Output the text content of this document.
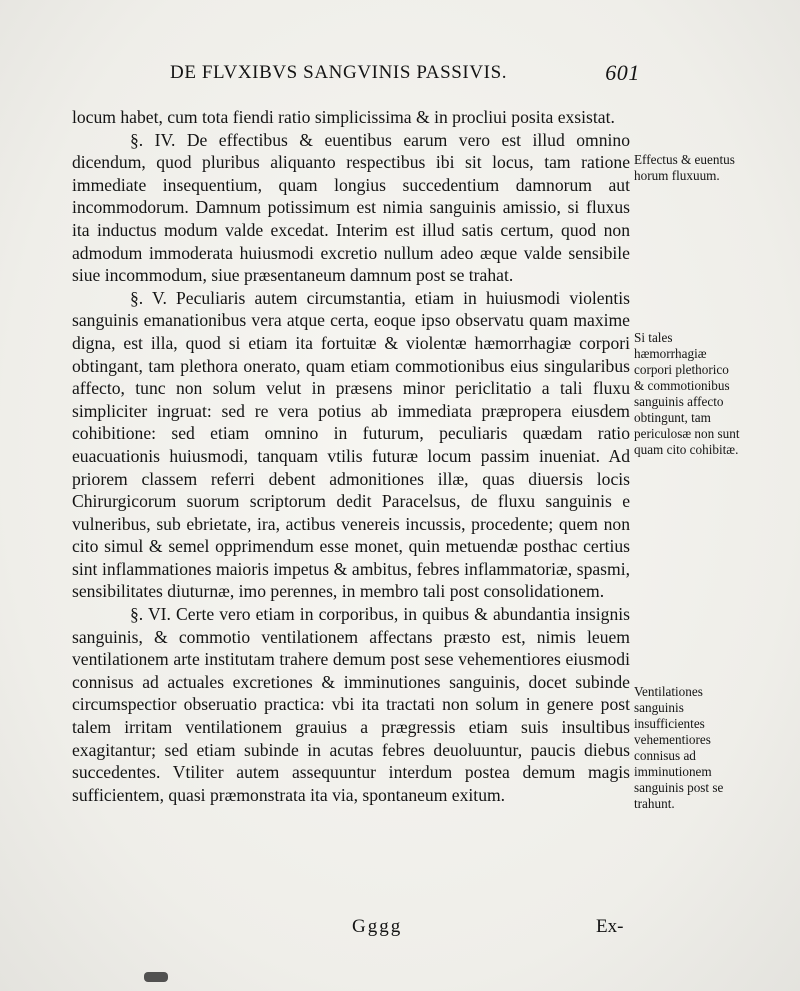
DE FLVXIBVS SANGVINIS PASSIVIS.	601

locum habet, cum tota fiendi ratio simplicissima & in procliui posita exsistat.

§. IV. De effectibus & euentibus earum vero est illud omnino dicendum, quod pluribus aliquanto respectibus ibi sit locus, tam ratione immediate insequentium, quam longius succedentium damnorum aut incommodorum. Damnum potissimum est nimia sanguinis amissio, si fluxus ita inductus modum valde excedat. Interim est illud satis certum, quod non admodum immoderata huiusmodi excretio nullum adeo æque valde sensibile siue incommodum, siue præsentaneum damnum post se trahat.

§. V. Peculiaris autem circumstantia, etiam in huiusmodi violentis sanguinis emanationibus vera atque certa, eoque ipso observatu quam maxime digna, est illa, quod si etiam ita fortuitæ & violentæ hæmorrhagiæ corpori obtingant, tam plethora onerato, quam etiam commotionibus eius singularibus affecto, tunc non solum velut in præsens minor periclitatio a tali fluxu simpliciter ingruat: sed re vera potius ab immediata præpropera eiusdem cohibitione: sed etiam omnino in futurum, peculiaris quædam ratio euacuationis huiusmodi, tanquam vtilis futuræ locum passim inueniat. Ad priorem classem referri debent admonitiones illæ, quas diuersis locis Chirurgicorum suorum scriptorum dedit Paracelsus, de fluxu sanguinis e vulneribus, sub ebrietate, ira, actibus venereis incussis, procedente; quem non cito simul & semel opprimendum esse monet, quin metuendæ posthac certius sint inflammationes maioris impetus & ambitus, febres inflammatoriæ, spasmi, sensibilitates diuturnæ, imo perennes, in membro tali post consolidationem.

§. VI. Certe vero etiam in corporibus, in quibus & abundantia insignis sanguinis, & commotio ventilationem affectans præsto est, nimis leuem ventilationem arte institutam trahere demum post sese vehementiores eiusmodi connisus ad actuales excretiones & imminutiones sanguinis, docet subinde circumspectior obseruatio practica: vbi ita tractati non solum in genere post talem irritam ventilationem grauius a prægressis etiam suis insultibus exagitantur; sed etiam subinde in acutas febres deuoluuntur, paucis diebus succedentes. Vtiliter autem assequuntur interdum postea demum magis sufficientem, quasi præmonstrata ita via, spontaneum exitum.

Effectus & euentus horum fluxuum.
Si tales hæmorrhagiæ corpori plethorico & commotionibus sanguinis affecto obtingunt, tam periculosæ non sunt quam cito cohibitæ.
Ventilationes sanguinis insufficientes vehementiores connisus ad imminutionem sanguinis post se trahunt.
Gggg	Ex-
